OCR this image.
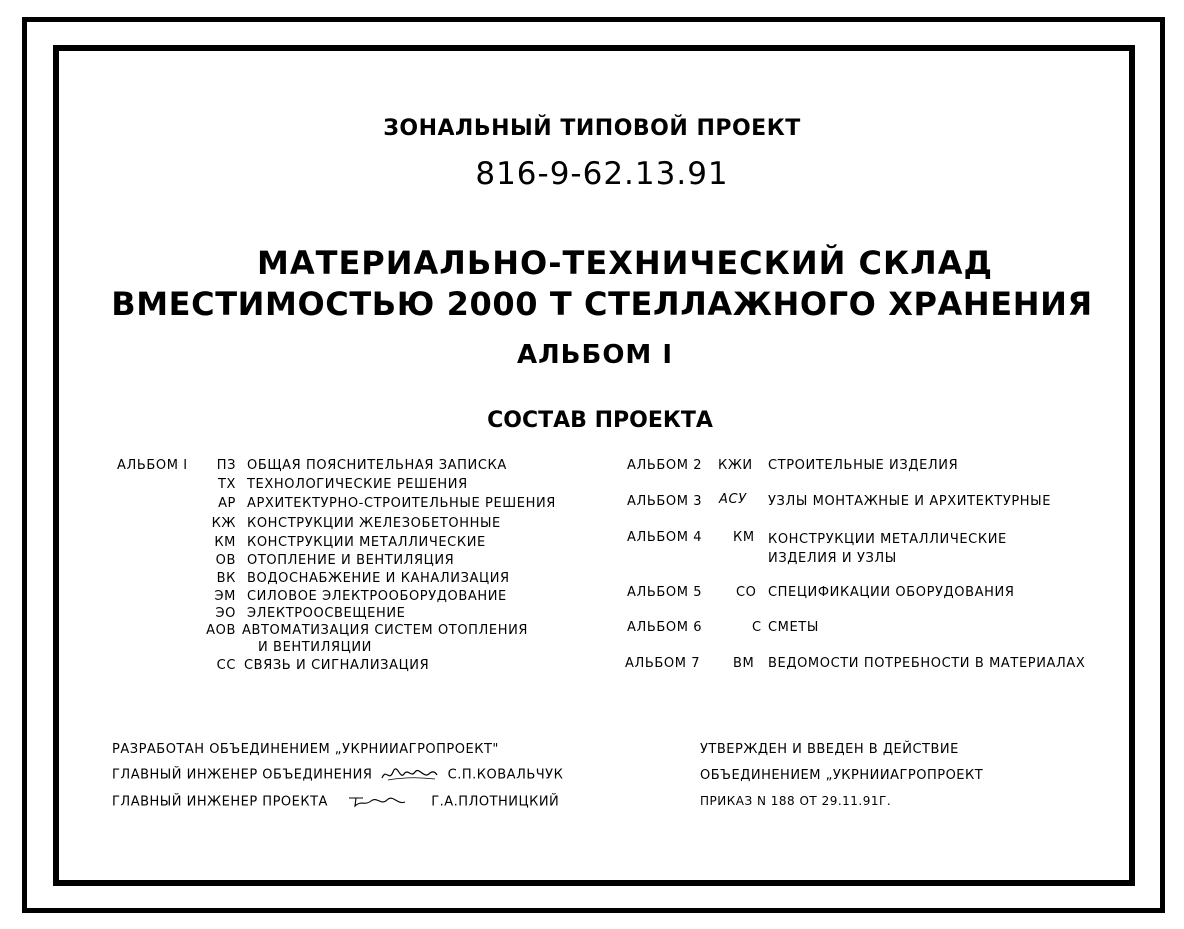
ЗОНАЛЬНЫЙ ТИПОВОЙ ПРОЕКТ
816-9-62.13.91
МАТЕРИАЛЬНО-ТЕХНИЧЕСКИЙ СКЛАД
ВМЕСТИМОСТЬЮ 2000 Т СТЕЛЛАЖНОГО ХРАНЕНИЯ
АЛЬБОМ I
СОСТАВ ПРОЕКТА
АЛЬБОМ I	ПЗ ОБЩАЯ ПОЯСНИТЕЛЬНАЯ ЗАПИСКА
ТХ ТЕХНОЛОГИЧЕСКИЕ РЕШЕНИЯ
АР АРХИТЕКТУРНО-СТРОИТЕЛЬНЫЕ РЕШЕНИЯ
КЖ КОНСТРУКЦИИ ЖЕЛЕЗОБЕТОННЫЕ
КМ КОНСТРУКЦИИ МЕТАЛЛИЧЕСКИЕ
ОВ ОТОПЛЕНИЕ И ВЕНТИЛЯЦИЯ
ВК ВОДОСНАБЖЕНИЕ И КАНАЛИЗАЦИЯ
ЭМ СИЛОВОЕ ЭЛЕКТРООБОРУДОВАНИЕ
ЭО ЭЛЕКТРООСВЕЩЕНИЕ
АОВ АВТОМАТИЗАЦИЯ СИСТЕМ ОТОПЛЕНИЯ
И ВЕНТИЛЯЦИИ
СС СВЯЗЬ И СИГНАЛИЗАЦИЯ
АЛЬБОМ 2 КЖИ СТРОИТЕЛЬНЫЕ ИЗДЕЛИЯ
АЛЬБОМ 3 АСУ УЗЛЫ МОНТАЖНЫЕ И АРХИТЕКТУРНЫЕ
АЛЬБОМ 4 КМ КОНСТРУКЦИИ МЕТАЛЛИЧЕСКИЕ
ИЗДЕЛИЯ И УЗЛЫ
АЛЬБОМ 5	СО СПЕЦИФИКАЦИИ ОБОРУДОВАНИЯ
АЛЬБОМ 6	С СМЕТЫ
АЛЬБОМ 7	ВМ ВЕДОМОСТИ ПОТРЕБНОСТИ В МАТЕРИАЛАХ
РАЗРАБОТАН ОБЪЕДИНЕНИЕМ „УКРНИИАГРОПРОЕКТ"
ГЛАВНЫЙ ИНЖЕНЕР ОБЪЕДИНЕНИЯ	С.П.КОВАЛЬЧУК
ГЛАВНЫЙ ИНЖЕНЕР ПРОЕКТА	Г.А.ПЛОТНИЦКИЙ
УТВЕРЖДЕН И ВВЕДЕН В ДЕЙСТВИЕ
ОБЪЕДИНЕНИЕМ „УКРНИИАГРОПРОЕКТ
ПРИКАЗ N 188 ОТ 29.11.91Г.
